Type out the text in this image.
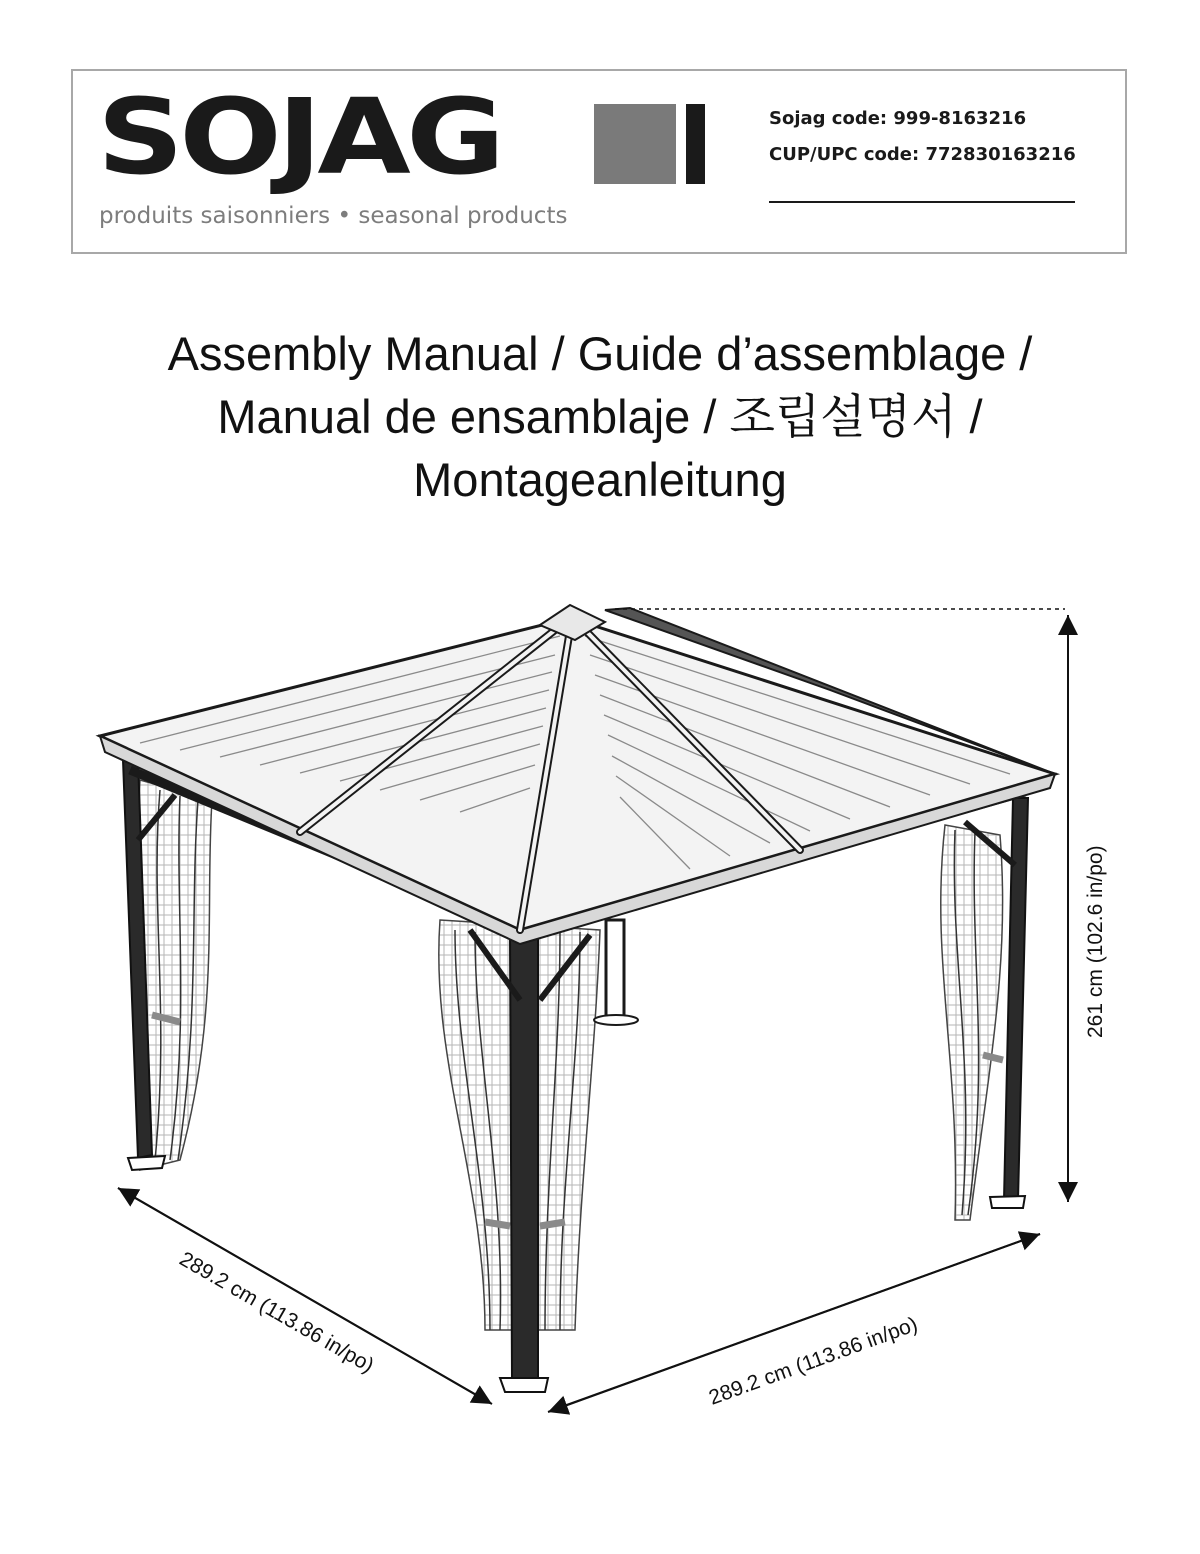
SOJAG
produits saisonniers • seasonal products
Sojag code: 999-8163216
CUP/UPC code: 772830163216
Assembly Manual / Guide d’assemblage /
Manual de ensamblaje / 조립설명서 /
Montageanleitung
261 cm (102.6 in/po)
289.2 cm (113.86 in/po)	289.2 cm (113.86 in/po)
